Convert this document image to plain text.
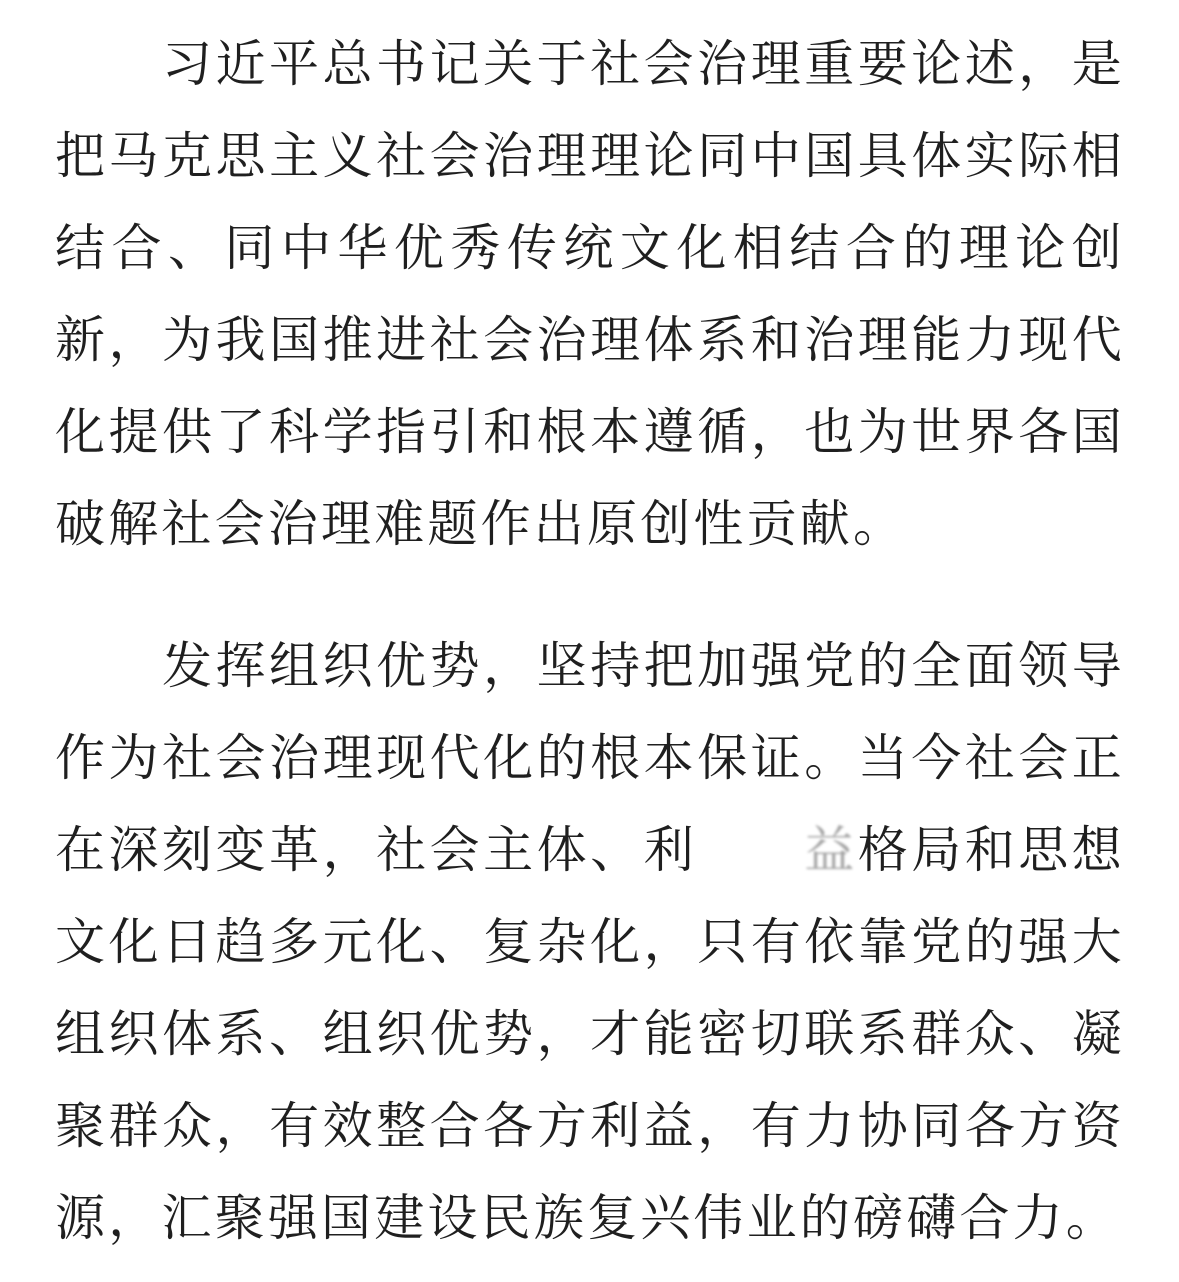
习近平总书记关于社会治理重要论述，是把马克思主义社会治理理论同中国具体实际相结合、同中华优秀传统文化相结合的理论创新，为我国推进社会治理体系和治理能力现代化提供了科学指引和根本遵循，也为世界各国破解社会治理难题作出原创性贡献。

发挥组织优势，坚持把加强党的全面领导作为社会治理现代化的根本保证。当今社会正在深刻变革，社会主体、利 益格局和思想文化日趋多元化、复杂化，只有依靠党的强大组织体系、组织优势，才能密切联系群众、凝聚群众，有效整合各方利益，有力协同各方资源，汇聚强国建设民族复兴伟业的磅礴合力。
